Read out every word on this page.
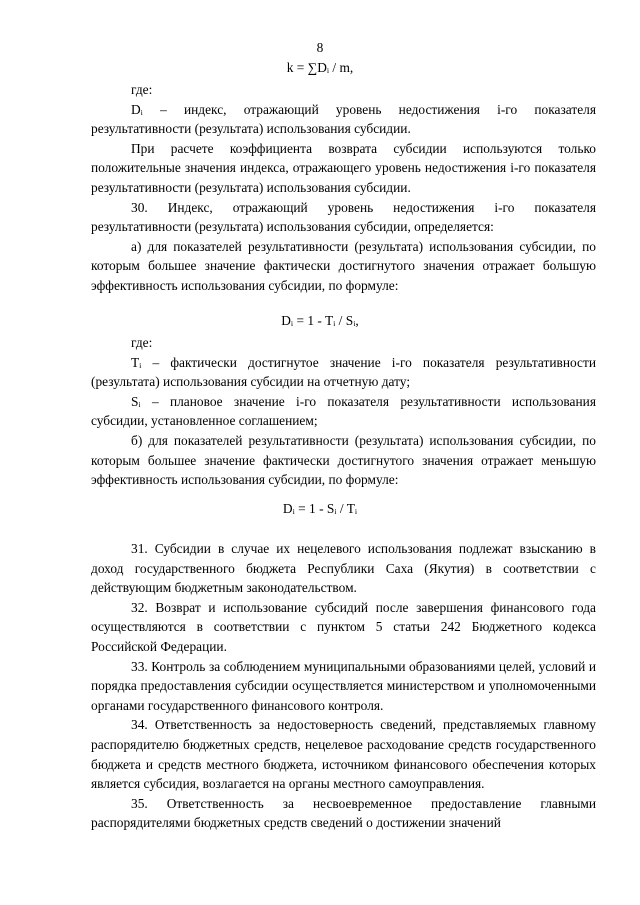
8
k = ∑Dᵢ / m,

где:

Dᵢ – индекс, отражающий уровень недостижения i-го показателя результативности (результата) использования субсидии.

При расчете коэффициента возврата субсидии используются только положительные значения индекса, отражающего уровень недостижения i-го показателя результативности (результата) использования субсидии.

30. Индекс, отражающий уровень недостижения i-го показателя результативности (результата) использования субсидии, определяется:

а) для показателей результативности (результата) использования субсидии, по которым большее значение фактически достигнутого значения отражает большую эффективность использования субсидии, по формуле:

Dᵢ = 1 - Tᵢ / Sᵢ,

где:

Tᵢ – фактически достигнутое значение i-го показателя результативности (результата) использования субсидии на отчетную дату;

Sᵢ – плановое значение i-го показателя результативности использования субсидии, установленное соглашением;

б) для показателей результативности (результата) использования субсидии, по которым большее значение фактически достигнутого значения отражает меньшую эффективность использования субсидии, по формуле:

Dᵢ = 1 - Sᵢ / Tᵢ

31. Субсидии в случае их нецелевого использования подлежат взысканию в доход государственного бюджета Республики Саха (Якутия) в соответствии с действующим бюджетным законодательством.

32. Возврат и использование субсидий после завершения финансового года осуществляются в соответствии с пунктом 5 статьи 242 Бюджетного кодекса Российской Федерации.

33. Контроль за соблюдением муниципальными образованиями целей, условий и порядка предоставления субсидии осуществляется министерством и уполномоченными органами государственного финансового контроля.

34. Ответственность за недостоверность сведений, представляемых главному распорядителю бюджетных средств, нецелевое расходование средств государственного бюджета и средств местного бюджета, источником финансового обеспечения которых является субсидия, возлагается на органы местного самоуправления.

35. Ответственность за несвоевременное предоставление главными распорядителями бюджетных средств сведений о достижении значений
